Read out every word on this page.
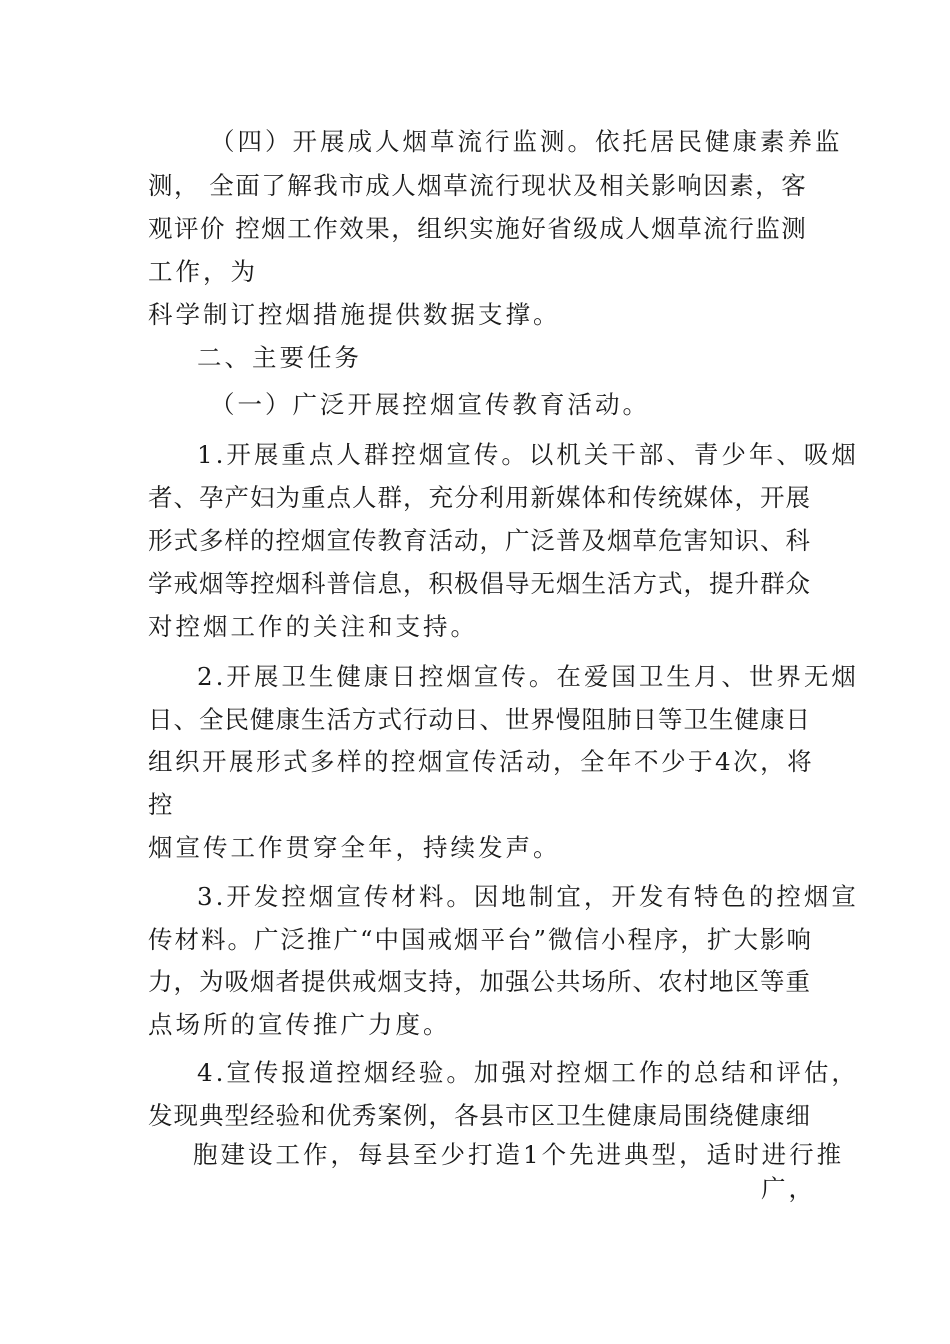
（四）开展成人烟草流行监测。依托居民健康素养监
测， 全面了解我市成人烟草流行现状及相关影响因素，客
观评价 控烟工作效果，组织实施好省级成人烟草流行监测
工作，为
科学制订控烟措施提供数据支撑。
二、主要任务
（一）广泛开展控烟宣传教育活动。
1.开展重点人群控烟宣传。以机关干部、青少年、吸烟
者、孕产妇为重点人群，充分利用新媒体和传统媒体，开展
形式多样的控烟宣传教育活动，广泛普及烟草危害知识、科
学戒烟等控烟科普信息，积极倡导无烟生活方式，提升群众
对控烟工作的关注和支持。
2.开展卫生健康日控烟宣传。在爱国卫生月、世界无烟
日、全民健康生活方式行动日、世界慢阻肺日等卫生健康日
组织开展形式多样的控烟宣传活动，全年不少于4次，将
控
烟宣传工作贯穿全年，持续发声。
3.开发控烟宣传材料。因地制宜，开发有特色的控烟宣
传材料。广泛推广“中国戒烟平台”微信小程序，扩大影响
力，为吸烟者提供戒烟支持，加强公共场所、农村地区等重
点场所的宣传推广力度。
4.宣传报道控烟经验。加强对控烟工作的总结和评估，
发现典型经验和优秀案例，各县市区卫生健康局围绕健康细
胞建设工作，每县至少打造1个先进典型，适时进行推
广，
